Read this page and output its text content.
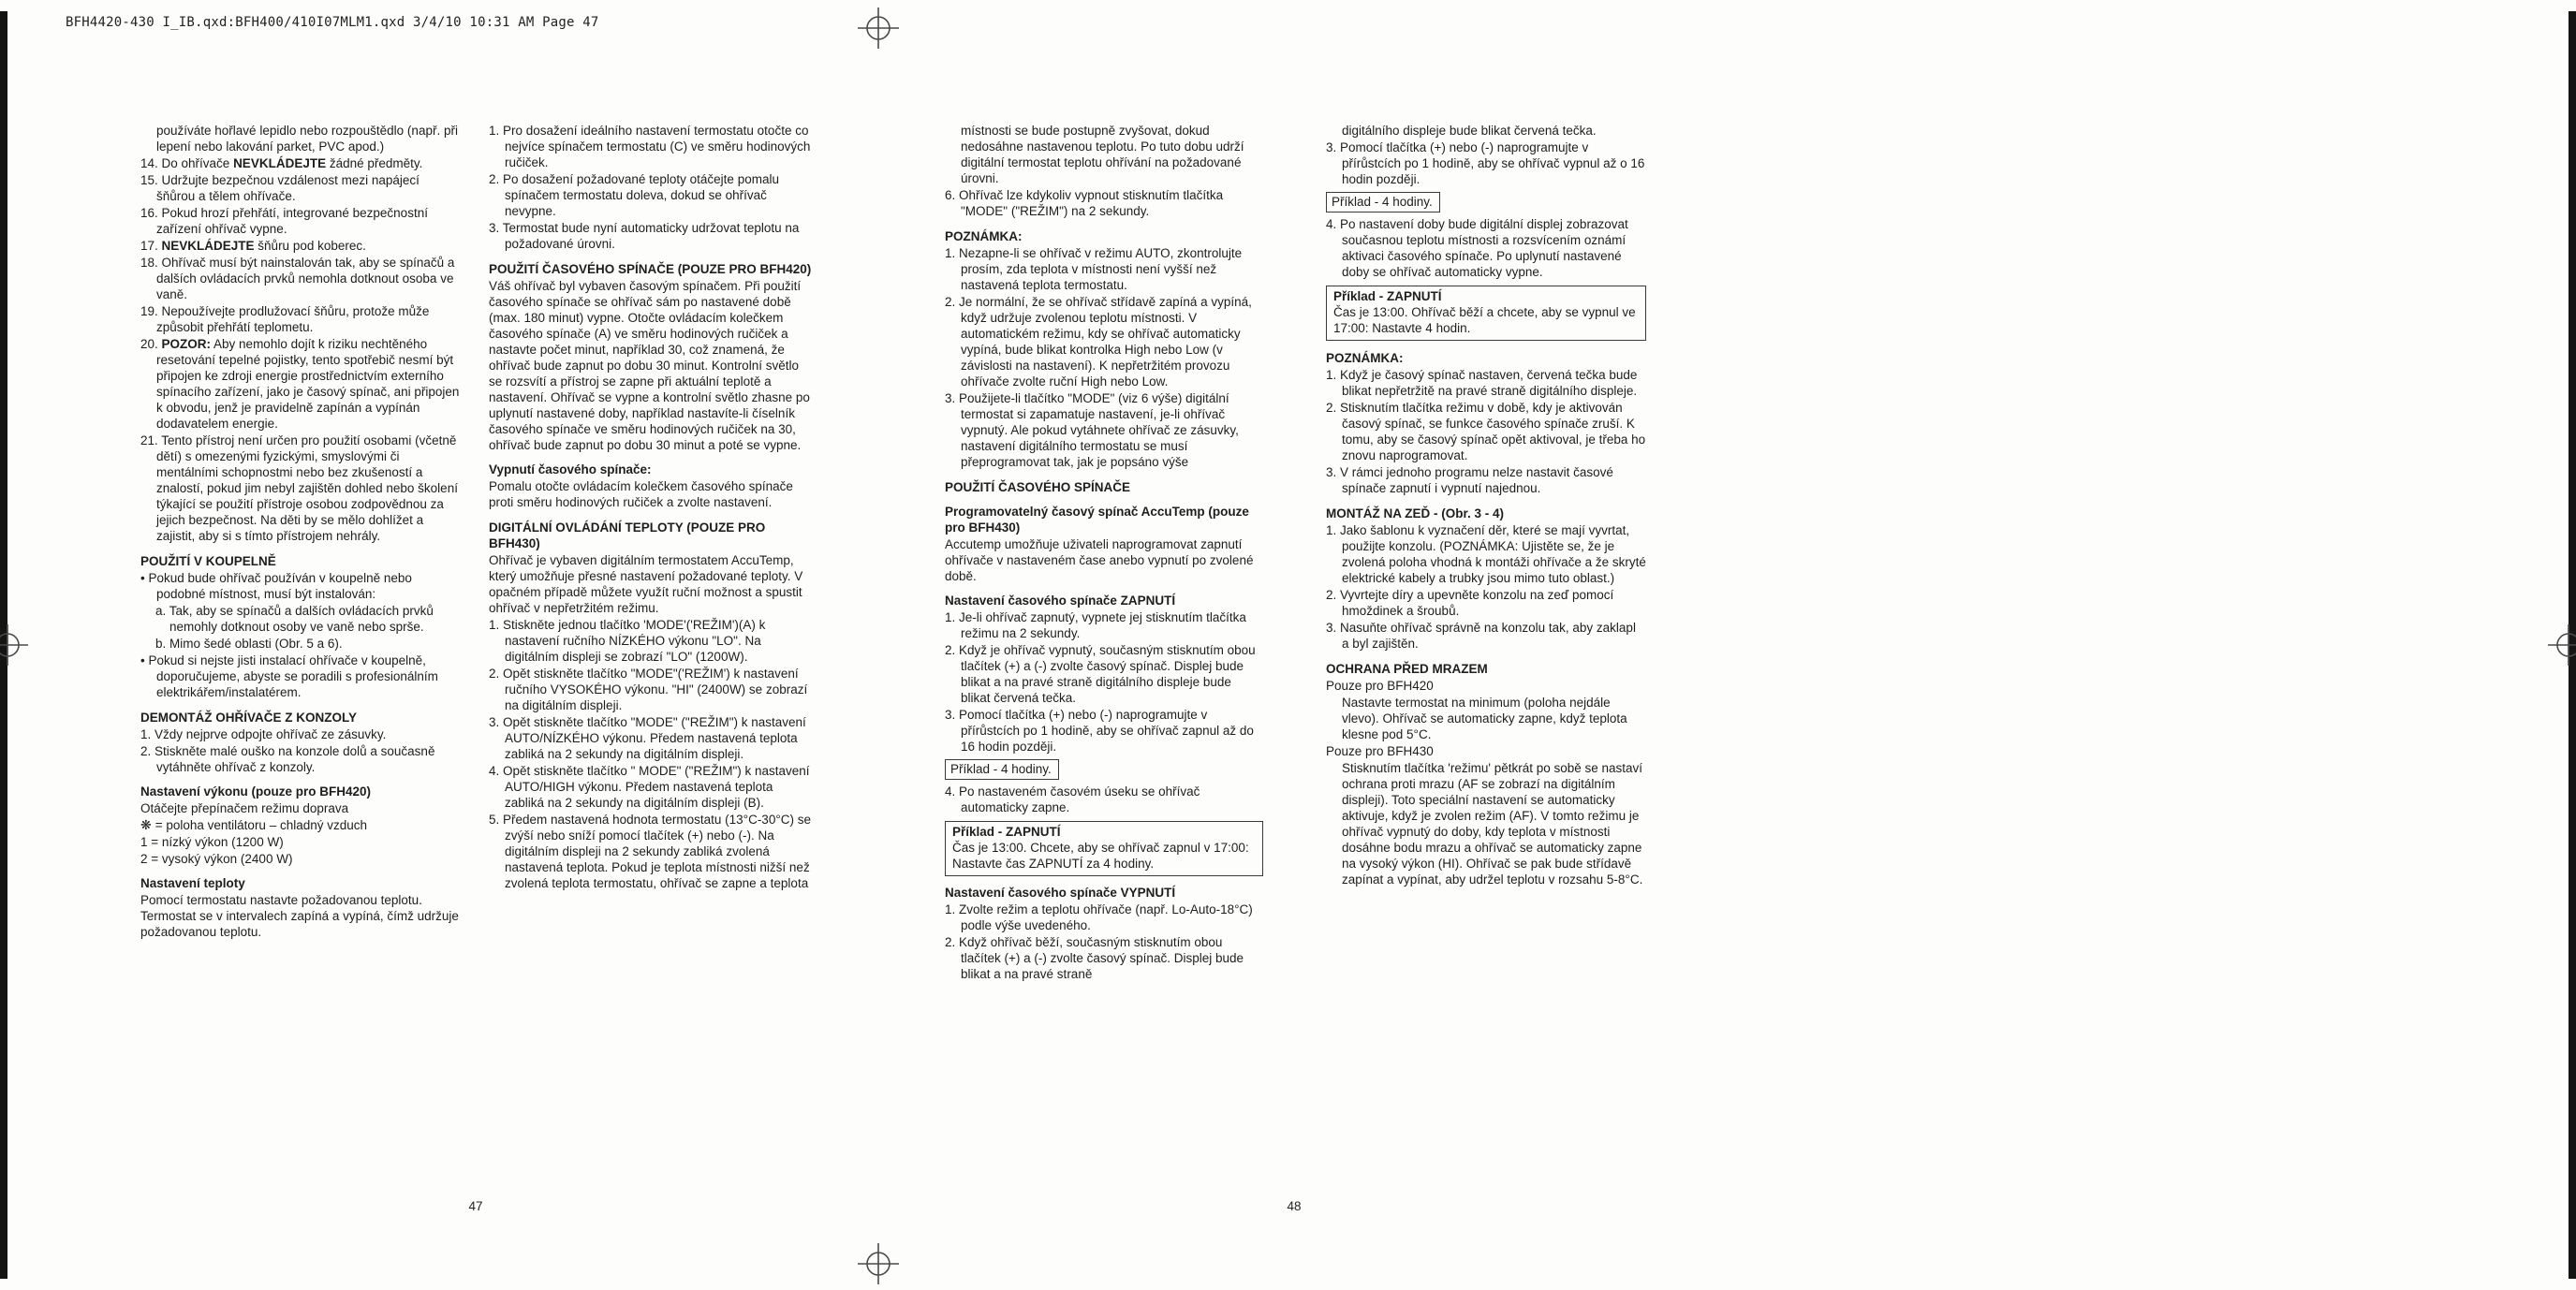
BFH4420-430 I_IB.qxd:BFH400/410I07MLM1.qxd 3/4/10 10:31 AM Page 47
používáte hořlavé lepidlo nebo rozpouštědlo (např. při lepení nebo lakování parket, PVC apod.)
14. Do ohřívače NEVKLÁDEJTE žádné předměty.
15. Udržujte bezpečnou vzdálenost mezi napájecí šňůrou a tělem ohřívače.
16. Pokud hrozí přehřátí, integrované bezpečnostní zařízení ohřívač vypne.
17. NEVKLÁDEJTE šňůru pod koberec.
18. Ohřívač musí být nainstalován tak, aby se spínačů a dalších ovládacích prvků nemohla dotknout osoba ve vaně.
19. Nepoužívejte prodlužovací šňůru, protože může způsobit přehřátí teplometu.
20. POZOR: Aby nemohlo dojít k riziku nechtěného resetování tepelné pojistky, tento spotřebič nesmí být připojen ke zdroji energie prostřednictvím externího spínacího zařízení, jako je časový spínač, ani připojen k obvodu, jenž je pravidelně zapínán a vypínán dodavatelem energie.
21. Tento přístroj není určen pro použití osobami (včetně dětí) s omezenými fyzickými, smyslovými či mentálními schopnostmi nebo bez zkušeností a znalostí, pokud jim nebyl zajištěn dohled nebo školení týkající se použití přístroje osobou zodpovědnou za jejich bezpečnost. Na děti by se mělo dohlížet a zajistit, aby si s tímto přístrojem nehrály.
POUŽITÍ V KOUPELNĚ
• Pokud bude ohřívač používán v koupelně nebo podobné místnost, musí být instalován:
a. Tak, aby se spínačů a dalších ovládacích prvků nemohly dotknout osoby ve vaně nebo sprše.
b. Mimo šedé oblasti (Obr. 5 a 6).
• Pokud si nejste jisti instalací ohřívače v koupelně, doporučujeme, abyste se poradili s profesionálním elektrikářem/instalatérem.
DEMONTÁŽ OHŘÍVAČE Z KONZOLY
1. Vždy nejprve odpojte ohřívač ze zásuvky.
2. Stiskněte malé ouško na konzole dolů a současně vytáhněte ohřívač z konzoly.
Nastavení výkonu (pouze pro BFH420)
Otáčejte přepínačem režimu doprava
❋ = poloha ventilátoru – chladný vzduch
1 = nízký výkon (1200 W)
2 = vysoký výkon (2400 W)
Nastavení teploty
Pomocí termostatu nastavte požadovanou teplotu. Termostat se v intervalech zapíná a vypíná, čímž udržuje požadovanou teplotu.
1. Pro dosažení ideálního nastavení termostatu otočte co nejvíce spínačem termostatu (C) ve směru hodinových ručiček.
2. Po dosažení požadované teploty otáčejte pomalu spínačem termostatu doleva, dokud se ohřívač nevypne.
3. Termostat bude nyní automaticky udržovat teplotu na požadované úrovni.
POUŽITÍ ČASOVÉHO SPÍNAČE (POUZE PRO BFH420)
Váš ohřívač byl vybaven časovým spínačem. Při použití časového spínače se ohřívač sám po nastavené době (max. 180 minut) vypne. Otočte ovládacím kolečkem časového spínače (A) ve směru hodinových ručiček a nastavte počet minut, například 30, což znamená, že ohřívač bude zapnut po dobu 30 minut. Kontrolní světlo se rozsvítí a přístroj se zapne při aktuální teplotě a nastavení. Ohřívač se vypne a kontrolní světlo zhasne po uplynutí nastavené doby, například nastavíte-li číselník časového spínače ve směru hodinových ručiček na 30, ohřívač bude zapnut po dobu 30 minut a poté se vypne.
Vypnutí časového spínače:
Pomalu otočte ovládacím kolečkem časového spínače proti směru hodinových ručiček a zvolte nastavení.
DIGITÁLNÍ OVLÁDÁNÍ TEPLOTY (POUZE PRO BFH430)
Ohřívač je vybaven digitálním termostatem AccuTemp, který umožňuje přesné nastavení požadované teploty. V opačném případě můžete využít ruční možnost a spustit ohřívač v nepřetržitém režimu.
1. Stiskněte jednou tlačítko 'MODE'('REŽIM')(A) k nastavení ručního NÍZKÉHO výkonu "LO". Na digitálním displeji se zobrazí "LO" (1200W).
2. Opět stiskněte tlačítko "MODE"('REŽIM') k nastavení ručního VYSOKÉHO výkonu. "HI" (2400W) se zobrazí na digitálním displeji.
3. Opět stiskněte tlačítko "MODE" ("REŽIM") k nastavení AUTO/NÍZKÉHO výkonu. Předem nastavená teplota zabliká na 2 sekundy na digitálním displeji.
4. Opět stiskněte tlačítko " MODE" ("REŽIM") k nastavení AUTO/HIGH výkonu. Předem nastavená teplota zabliká na 2 sekundy na digitálním displeji (B).
5. Předem nastavená hodnota termostatu (13°C-30°C) se zvýší nebo sníží pomocí tlačítek (+) nebo (-). Na digitálním displeji na 2 sekundy zabliká zvolená nastavená teplota. Pokud je teplota místnosti nižší než zvolená teplota termostatu, ohřívač se zapne a teplota
místnosti se bude postupně zvyšovat, dokud nedosáhne nastavenou teplotu. Po tuto dobu udrží digitální termostat teplotu ohřívání na požadované úrovni.
6. Ohřívač lze kdykoliv vypnout stisknutím tlačítka "MODE" ("REŽIM") na 2 sekundy.
POZNÁMKA:
1. Nezapne-li se ohřívač v režimu AUTO, zkontrolujte prosím, zda teplota v místnosti není vyšší než nastavená teplota termostatu.
2. Je normální, že se ohřívač střídavě zapíná a vypíná, když udržuje zvolenou teplotu místnosti. V automatickém režimu, kdy se ohřívač automaticky vypíná, bude blikat kontrolka High nebo Low (v závislosti na nastavení). K nepřetržitém provozu ohřívače zvolte ruční High nebo Low.
3. Použijete-li tlačítko "MODE" (viz 6 výše) digitální termostat si zapamatuje nastavení, je-li ohřívač vypnutý. Ale pokud vytáhnete ohřívač ze zásuvky, nastavení digitálního termostatu se musí přeprogramovat tak, jak je popsáno výše
POUŽITÍ ČASOVÉHO SPÍNAČE
Programovatelný časový spínač AccuTemp (pouze pro BFH430)
Accutemp umožňuje uživateli naprogramovat zapnutí ohřívače v nastaveném čase anebo vypnutí po zvolené době.
Nastavení časového spínače ZAPNUTÍ
1. Je-li ohřívač zapnutý, vypnete jej stisknutím tlačítka režimu na 2 sekundy.
2. Když je ohřívač vypnutý, současným stisknutím obou tlačítek (+) a (-) zvolte časový spínač. Displej bude blikat a na pravé straně digitálního displeje bude blikat červená tečka.
3. Pomocí tlačítka (+) nebo (-) naprogramujte v přírůstcích po 1 hodině, aby se ohřívač zapnul až do 16 hodin později.
Příklad - 4 hodiny.
4. Po nastaveném časovém úseku se ohřívač automaticky zapne.
Příklad - ZAPNUTÍ
Čas je 13:00. Chcete, aby se ohřívač zapnul v 17:00: Nastavte čas ZAPNUTÍ za 4 hodiny.
Nastavení časového spínače VYPNUTÍ
1. Zvolte režim a teplotu ohřívače (např. Lo-Auto-18°C) podle výše uvedeného.
2. Když ohřívač běží, současným stisknutím obou tlačítek (+) a (-) zvolte časový spínač. Displej bude blikat a na pravé straně
digitálního displeje bude blikat červená tečka.
3. Pomocí tlačítka (+) nebo (-) naprogramujte v přírůstcích po 1 hodině, aby se ohřívač vypnul až o 16 hodin později.
Příklad - 4 hodiny.
4. Po nastavení doby bude digitální displej zobrazovat současnou teplotu místnosti a rozsvícením oznámí aktivaci časového spínače. Po uplynutí nastavené doby se ohřívač automaticky vypne.
Příklad - ZAPNUTÍ
Čas je 13:00. Ohřívač běží a chcete, aby se vypnul ve 17:00: Nastavte 4 hodin.
POZNÁMKA:
1. Když je časový spínač nastaven, červená tečka bude blikat nepřetržitě na pravé straně digitálního displeje.
2. Stisknutím tlačítka režimu v době, kdy je aktivován časový spínač, se funkce časového spínače zruší. K tomu, aby se časový spínač opět aktivoval, je třeba ho znovu naprogramovat.
3. V rámci jednoho programu nelze nastavit časové spínače zapnutí i vypnutí najednou.
MONTÁŽ NA ZEĎ - (Obr. 3 - 4)
1. Jako šablonu k vyznačení děr, které se mají vyvrtat, použijte konzolu. (POZNÁMKA: Ujistěte se, že je zvolená poloha vhodná k montáži ohřívače a že skryté elektrické kabely a trubky jsou mimo tuto oblast.)
2. Vyvrtejte díry a upevněte konzolu na zeď pomocí hmoždinek a šroubů.
3. Nasuňte ohřívač správně na konzolu tak, aby zaklapl a byl zajištěn.
OCHRANA PŘED MRAZEM
Pouze pro BFH420
Nastavte termostat na minimum (poloha nejdále vlevo). Ohřívač se automaticky zapne, když teplota klesne pod 5°C.
Pouze pro BFH430
Stisknutím tlačítka 'režimu' pětkrát po sobě se nastaví ochrana proti mrazu (AF se zobrazí na digitálním displeji). Toto speciální nastavení se automaticky aktivuje, když je zvolen režim (AF). V tomto režimu je ohřívač vypnutý do doby, kdy teplota v místnosti dosáhne bodu mrazu a ohřívač se automaticky zapne na vysoký výkon (HI). Ohřívač se pak bude střídavě zapínat a vypínat, aby udržel teplotu v rozsahu 5-8°C.
47	48
